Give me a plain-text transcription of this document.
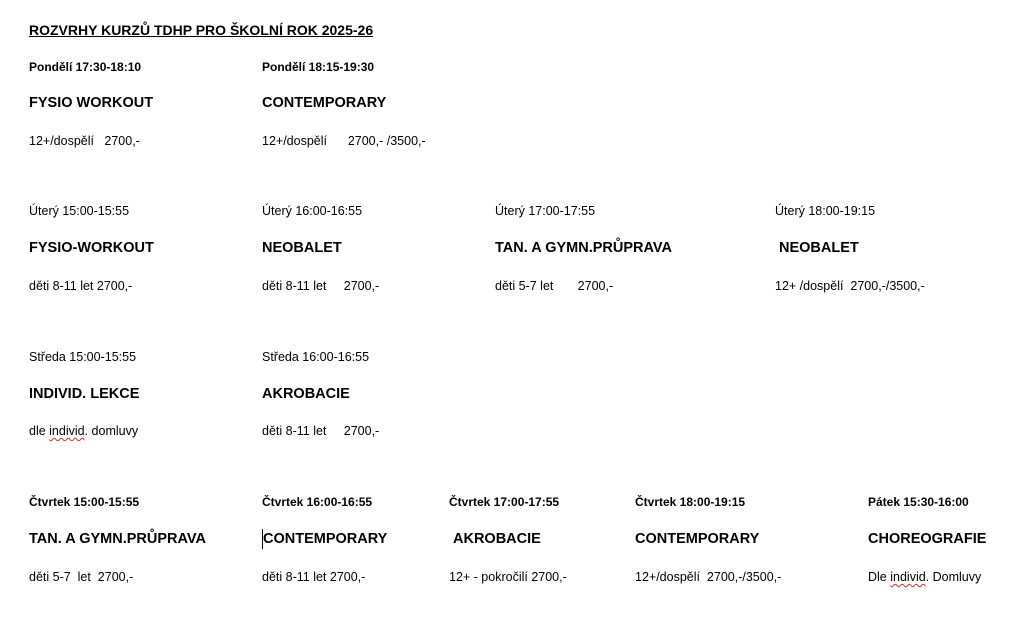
ROZVRHY KURZŮ TDHP PRO ŠKOLNÍ ROK 2025-26
Pondělí 17:30-18:10
FYSIO WORKOUT
12+/dospělí   2700,-
Pondělí 18:15-19:30
CONTEMPORARY
12+/dospělí      2700,- /3500,-
Úterý 15:00-15:55
FYSIO-WORKOUT
děti 8-11 let 2700,-
Úterý 16:00-16:55
NEOBALET
děti 8-11 let     2700,-
Úterý 17:00-17:55
TAN. A GYMN.PRŮPRAVA
děti 5-7 let       2700,-
Úterý 18:00-19:15
NEOBALET
12+ /dospělí  2700,-/3500,-
Středa 15:00-15:55
INDIVID. LEKCE
dle individ. domluvy
Středa 16:00-16:55
AKROBACIE
děti 8-11 let     2700,-
Čtvrtek 15:00-15:55
TAN. A GYMN.PRŮPRAVA
děti 5-7  let  2700,-
Čtvrtek 16:00-16:55
CONTEMPORARY
děti 8-11 let 2700,-
Čtvrtek 17:00-17:55
AKROBACIE
12+ - pokročilí 2700,-
Čtvrtek 18:00-19:15
CONTEMPORARY
12+/dospělí  2700,-/3500,-
Pátek 15:30-16:00
CHOREOGRAFIE
Dle individ. Domluvy
